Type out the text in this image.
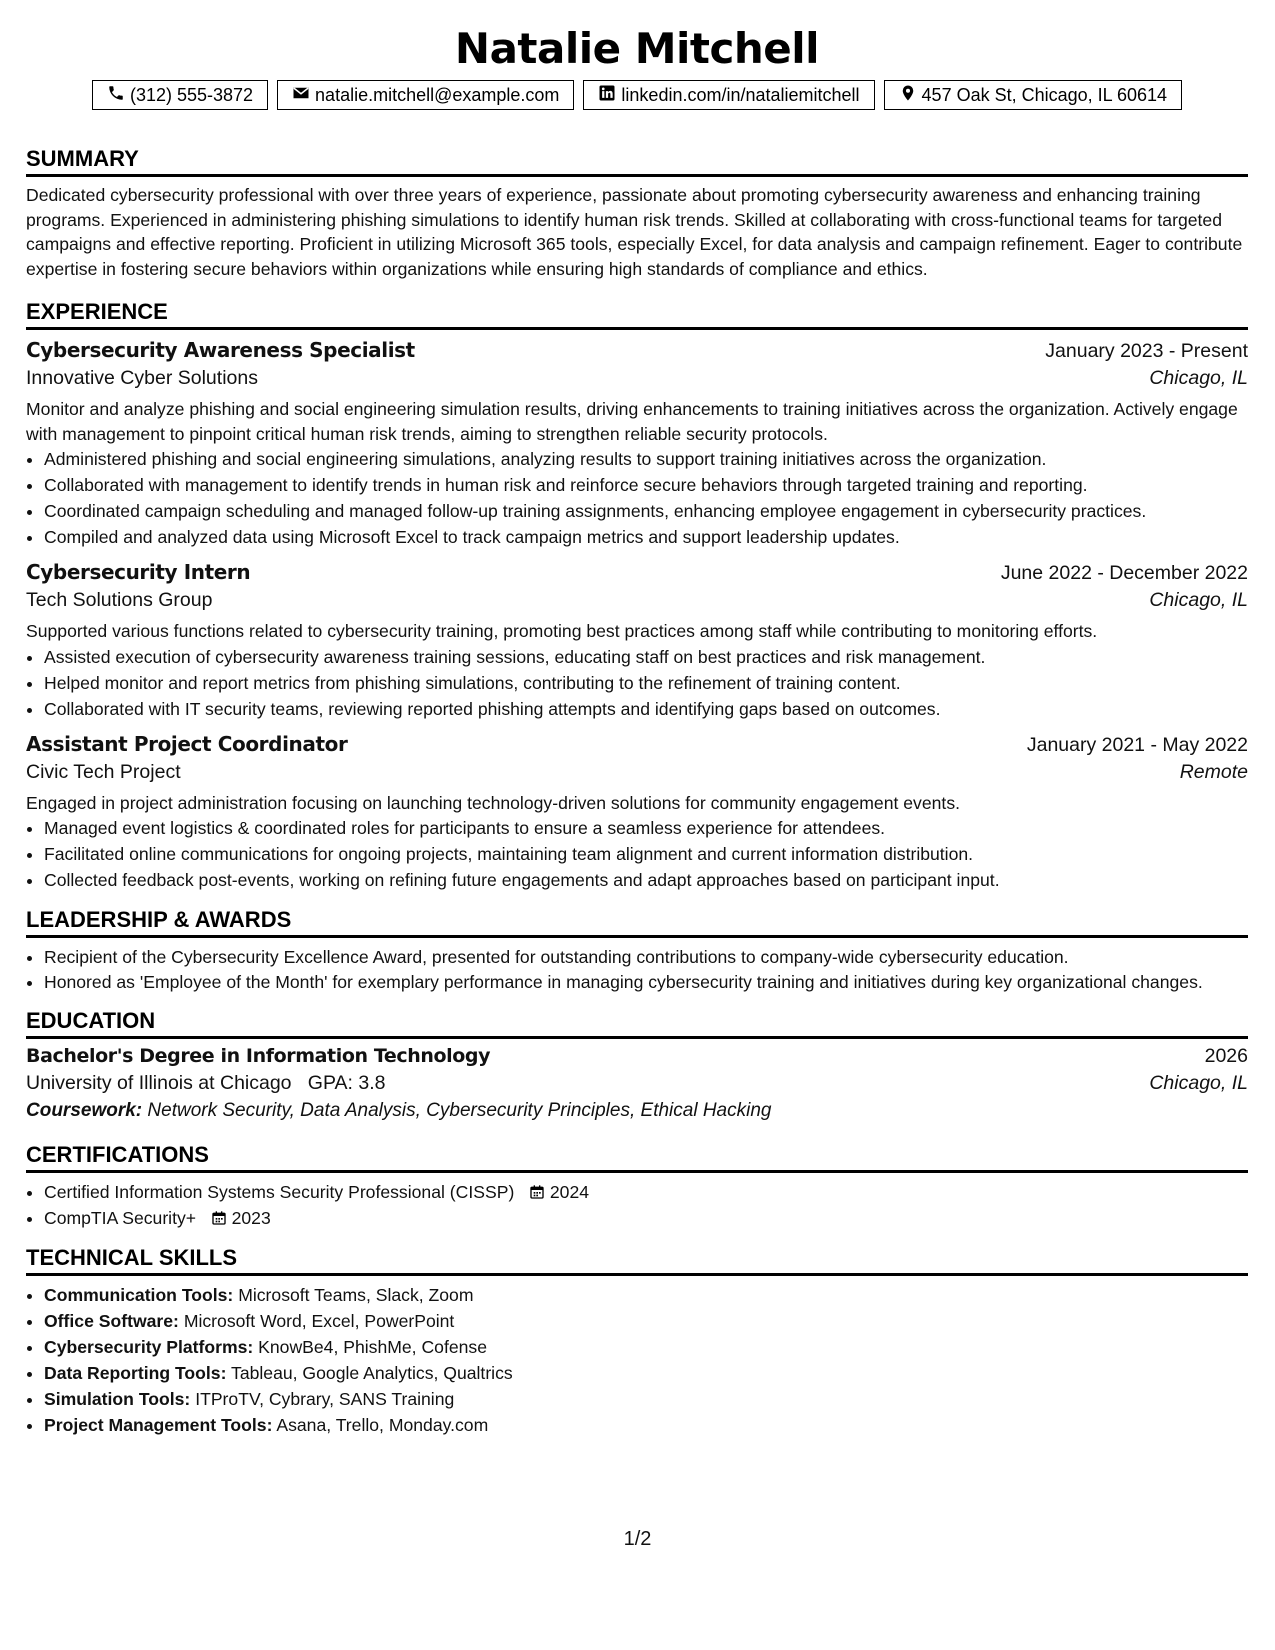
Natalie Mitchell
(312) 555-3872	natalie.mitchell@example.com	linkedin.com/in/nataliemitchell	457 Oak St, Chicago, IL 60614
SUMMARY

Dedicated cybersecurity professional with over three years of experience, passionate about promoting cybersecurity awareness and enhancing training programs. Experienced in administering phishing simulations to identify human risk trends. Skilled at collaborating with cross-functional teams for targeted campaigns and effective reporting. Proficient in utilizing Microsoft 365 tools, especially Excel, for data analysis and campaign refinement. Eager to contribute expertise in fostering secure behaviors within organizations while ensuring high standards of compliance and ethics.

EXPERIENCE
Cybersecurity Awareness Specialist	January 2023 - Present
Innovative Cyber Solutions	Chicago, IL

Monitor and analyze phishing and social engineering simulation results, driving enhancements to training initiatives across the organization. Actively engage with management to pinpoint critical human risk trends, aiming to strengthen reliable security protocols.

• Administered phishing and social engineering simulations, analyzing results to support training initiatives across the organization.
• Collaborated with management to identify trends in human risk and reinforce secure behaviors through targeted training and reporting.
• Coordinated campaign scheduling and managed follow-up training assignments, enhancing employee engagement in cybersecurity practices.
• Compiled and analyzed data using Microsoft Excel to track campaign metrics and support leadership updates.
Cybersecurity Intern	June 2022 - December 2022
Tech Solutions Group	Chicago, IL

Supported various functions related to cybersecurity training, promoting best practices among staff while contributing to monitoring efforts.

• Assisted execution of cybersecurity awareness training sessions, educating staff on best practices and risk management.
• Helped monitor and report metrics from phishing simulations, contributing to the refinement of training content.
• Collaborated with IT security teams, reviewing reported phishing attempts and identifying gaps based on outcomes.
Assistant Project Coordinator	January 2021 - May 2022
Civic Tech Project	Remote

Engaged in project administration focusing on launching technology-driven solutions for community engagement events.

• Managed event logistics & coordinated roles for participants to ensure a seamless experience for attendees.
• Facilitated online communications for ongoing projects, maintaining team alignment and current information distribution.
• Collected feedback post-events, working on refining future engagements and adapt approaches based on participant input.
LEADERSHIP & AWARDS
• Recipient of the Cybersecurity Excellence Award, presented for outstanding contributions to company-wide cybersecurity education.
• Honored as 'Employee of the Month' for exemplary performance in managing cybersecurity training and initiatives during key organizational changes.
EDUCATION
Bachelor's Degree in Information Technology	2026
University of Illinois at Chicago GPA: 3.8	Chicago, IL
Coursework: Network Security, Data Analysis, Cybersecurity Principles, Ethical Hacking
CERTIFICATIONS
• Certified Information Systems Security Professional (CISSP) 2024
• CompTIA Security+ 2023
TECHNICAL SKILLS
• Communication Tools: Microsoft Teams, Slack, Zoom
• Office Software: Microsoft Word, Excel, PowerPoint
• Cybersecurity Platforms: KnowBe4, PhishMe, Cofense
• Data Reporting Tools: Tableau, Google Analytics, Qualtrics
• Simulation Tools: ITProTV, Cybrary, SANS Training
• Project Management Tools: Asana, Trello, Monday.com
1/2
